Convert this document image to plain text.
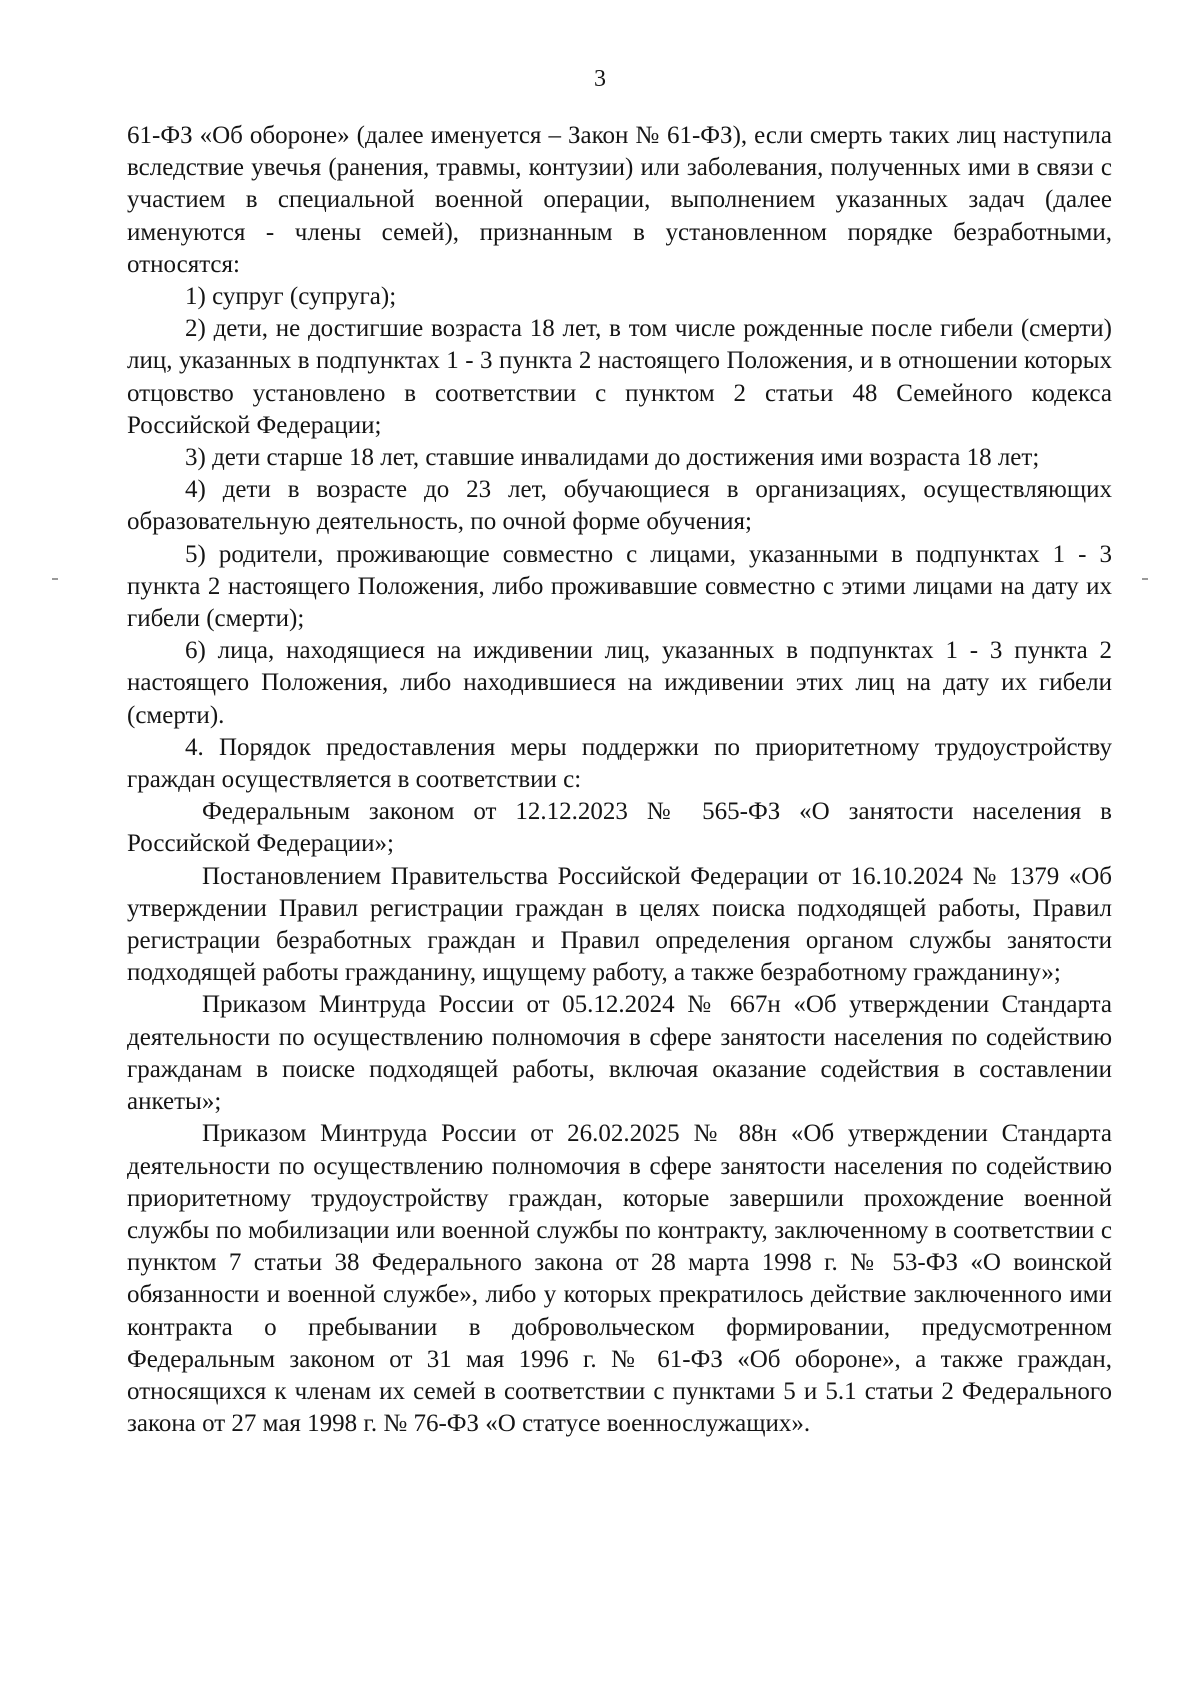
3

61-ФЗ «Об обороне» (далее именуется – Закон № 61-ФЗ), если смерть таких лиц наступила вследствие увечья (ранения, травмы, контузии) или заболевания, полученных ими в связи с участием в специальной военной операции, выполнением указанных задач (далее именуются - члены семей), признанным в установленном порядке безработными, относятся:

1) супруг (супруга);

2) дети, не достигшие возраста 18 лет, в том числе рожденные после гибели (смерти) лиц, указанных в подпунктах 1 - 3 пункта 2 настоящего Положения, и в отношении которых отцовство установлено в соответствии с пунктом 2 статьи 48 Семейного кодекса Российской Федерации;

3) дети старше 18 лет, ставшие инвалидами до достижения ими возраста 18 лет;

4) дети в возрасте до 23 лет, обучающиеся в организациях, осуществляющих образовательную деятельность, по очной форме обучения;

5) родители, проживающие совместно с лицами, указанными в подпунктах 1 - 3 пункта 2 настоящего Положения, либо проживавшие совместно с этими лицами на дату их гибели (смерти);

6) лица, находящиеся на иждивении лиц, указанных в подпунктах 1 - 3 пункта 2 настоящего Положения, либо находившиеся на иждивении этих лиц на дату их гибели (смерти).

4. Порядок предоставления меры поддержки по приоритетному трудоустройству граждан осуществляется в соответствии с:

Федеральным законом от 12.12.2023 № 565-ФЗ «О занятости населения в Российской Федерации»;

Постановлением Правительства Российской Федерации от 16.10.2024 № 1379 «Об утверждении Правил регистрации граждан в целях поиска подходящей работы, Правил регистрации безработных граждан и Правил определения органом службы занятости подходящей работы гражданину, ищущему работу, а также безработному гражданину»;

Приказом Минтруда России от 05.12.2024 № 667н «Об утверждении Стандарта деятельности по осуществлению полномочия в сфере занятости населения по содействию гражданам в поиске подходящей работы, включая оказание содействия в составлении анкеты»;

Приказом Минтруда России от 26.02.2025 № 88н «Об утверждении Стандарта деятельности по осуществлению полномочия в сфере занятости населения по содействию приоритетному трудоустройству граждан, которые завершили прохождение военной службы по мобилизации или военной службы по контракту, заключенному в соответствии с пунктом 7 статьи 38 Федерального закона от 28 марта 1998 г. № 53-ФЗ «О воинской обязанности и военной службе», либо у которых прекратилось действие заключенного ими контракта о пребывании в добровольческом формировании, предусмотренном Федеральным законом от 31 мая 1996 г. № 61-ФЗ «Об обороне», а также граждан, относящихся к членам их семей в соответствии с пунктами 5 и 5.1 статьи 2 Федерального закона от 27 мая 1998 г. № 76-ФЗ «О статусе военнослужащих».
